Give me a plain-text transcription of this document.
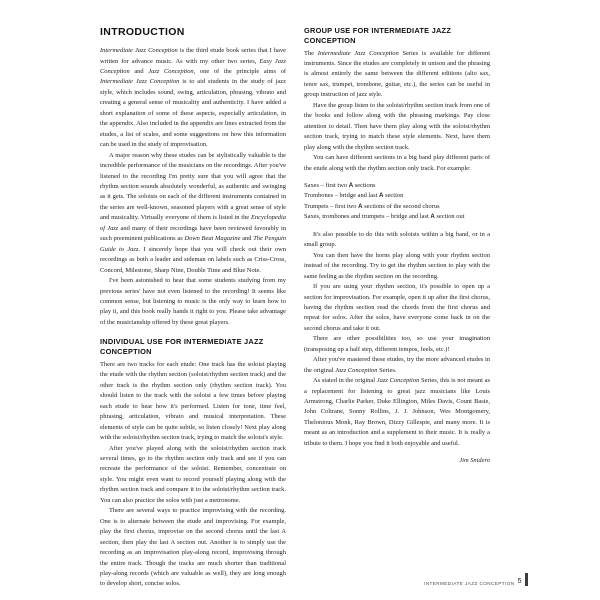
INTRODUCTION

Intermediate Jazz Conception is the third etude book series that I have written for advance music. As with my other two series, Easy Jazz Conception and Jazz Conception, one of the principle aims of Intermediate Jazz Conception is to aid students in the study of jazz style, which includes sound, swing, articulation, phrasing, vibrato and creating a general sense of musicality and authenticity. I have added a short explanation of some of these aspects, especially articulation, in the appendix. Also included in the appendix are lines extracted from the etudes, a list of scales, and some suggestions on how this information can be used in the study of improvisation.

A major reason why these etudes can be stylistically valuable is the incredible performance of the musicians on the recordings. After you've listened to the recording I'm pretty sure that you will agree that the rhythm section sounds absolutely wonderful, as authentic and swinging as it gets. The soloists on each of the different instruments contained in the series are well-known, seasoned players with a great sense of style and musicality. Virtually everyone of them is listed in the Encyclopedia of Jazz and many of their recordings have been reviewed favorably in such preeminent publications as Down Beat Magazine and The Penguin Guide to Jazz. I sincerely hope that you will check out their own recordings as both a leader and sideman on labels such as Criss-Cross, Concord, Milestone, Sharp Nine, Double Time and Blue Note.

I've been astonished to hear that some students studying from my previous series' have not even listened to the recording! It seems like common sense, but listening to music is the only way to learn how to play it, and this book really hands it right to you. Please take advantage of the musicianship offered by these great players.

INDIVIDUAL USE FOR INTERMEDIATE JAZZ CONCEPTION

There are two tracks for each etude: One track has the soloist playing the etude with the rhythm section (soloist/rhythm section track) and the other track is the rhythm section only (rhythm section track). You should listen to the track with the soloist a few times before playing each etude to hear how it's performed. Listen for tone, time feel, phrasing, articulation, vibrato and musical interpretation. These elements of style can be quite subtle, so listen closely! Next play along with the soloist/rhythm section track, trying to match the soloist's style.

After you've played along with the soloist/rhythm section track several times, go to the rhythm section only track and see if you can recreate the performance of the soloist. Remember, concentrate on style. You might even want to record yourself playing along with the rhythm section track and compare it to the soloist/rhythm section track. You can also practice the solos with just a metronome.

There are several ways to practice improvising with the recording. One is to alternate between the etude and improvising. For example, play the first chorus, improvise on the second chorus until the last A section, then play the last A section out. Another is to simply use the recording as an improvisation play-along record, improvising through the entire track. Though the tracks are much shorter than traditional play-along records (which are valuable as well), they are long enough to develop short, concise solos.

GROUP USE FOR INTERMEDIATE JAZZ CONCEPTION

The Intermediate Jazz Conception Series is available for different instruments. Since the etudes are completely in unison and the phrasing is almost entirely the same between the different editions (alto sax, tenor sax, trumpet, trombone, guitar, etc.), the series can be useful in group instruction of jazz style.

Have the group listen to the soloist/rhythm section track from one of the books and follow along with the phrasing markings. Pay close attention to detail. Then have them play along with the soloist/rhythm section track, trying to match these style elements. Next, have them play along with the rhythm section track.

You can have different sections in a big band play different parts of the etude along with the rhythm section only track. For example:

Saxes – first two A sections
Trombones – bridge and last A section
Trumpets – first two A sections of the second chorus
Saxes, trombones and trumpets – bridge and last A section out

It's also possible to do this with soloists within a big band, or in a small group.

You can then have the horns play along with your rhythm section instead of the recording. Try to get the rhythm section to play with the same feeling as the rhythm section on the recording.

If you are using your rhythm section, it's possible to open up a section for improvisation. For example, open it up after the first chorus, having the rhythm section read the chords from the first chorus and repeat for solos. After the solos, have everyone come back in on the second chorus and take it out.

There are other possibilities too, so use your imagination (transposing up a half step, different tempos, feels, etc.)!

After you've mastered these etudes, try the more advanced etudes in the original Jazz Conception Series.

As stated in the original Jazz Conception Series, this is not meant as a replacement for listening to great jazz musicians like Louis Armstrong, Charlie Parker, Duke Ellington, Miles Davis, Count Basie, John Coltrane, Sonny Rollins, J. J. Johnson, Wes Montgomery, Thelonious Monk, Ray Brown, Dizzy Gillespie, and many more. It is meant as an introduction and a supplement to their music. It is really a tribute to them. I hope you find it both enjoyable and useful.

Jim Snidero

INTERMEDIATE JAZZ CONCEPTION 5
